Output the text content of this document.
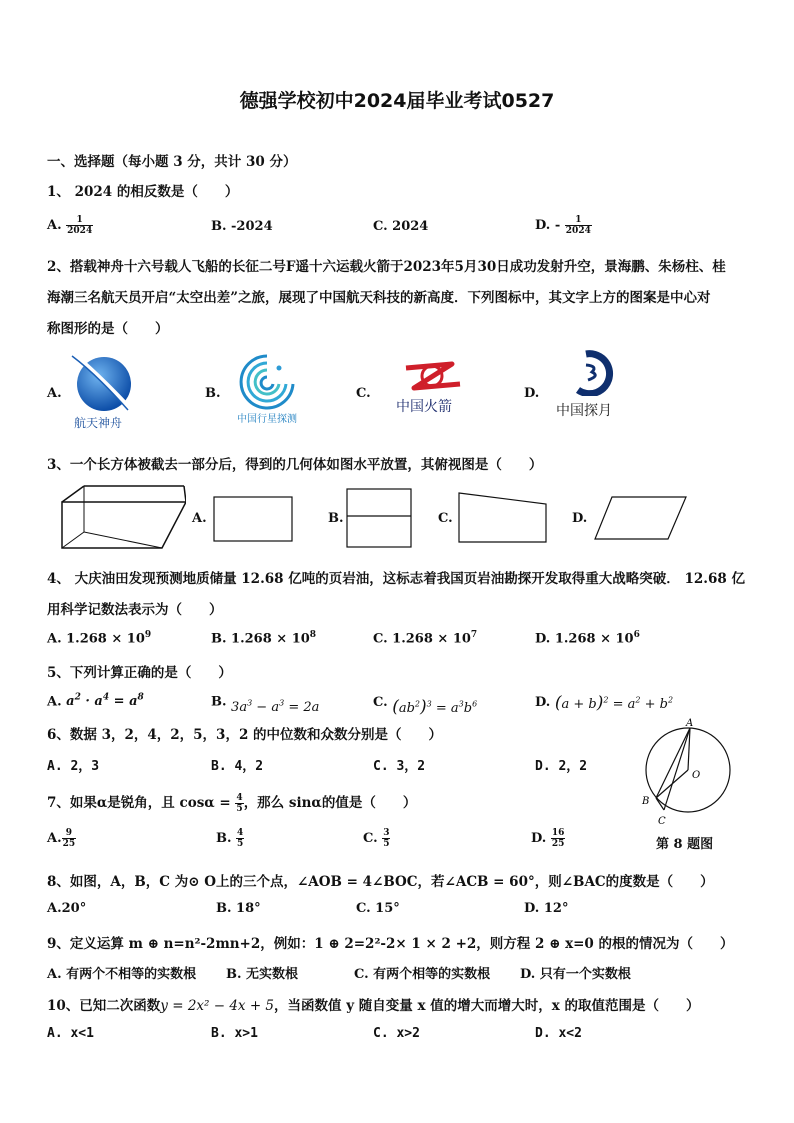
德强学校初中2024届毕业考试0527
一、选择题（每小题 3 分，共计 30 分）
1、 2024 的相反数是（　　）
A. $\frac{1}{2024}$	B. -2024	C. 2024	D. - $\frac{1}{2024}$
2、搭载神舟十六号载人飞船的长征二号F遥十六运载火箭于2023年5月30日成功发射升空，景海鹏、朱杨柱、桂
海潮三名航天员开启“太空出差”之旅，展现了中国航天科技的新高度．下列图标中，其文字上方的图案是中心对
称图形的是（　　）
A.
航天神舟
B.
中国行星探测
C.
中国火箭
D.
中国探月
3、一个长方体被截去一部分后，得到的几何体如图水平放置，其俯视图是（　　）
A.	B.	C.	D.
4、 大庆油田发现预测地质储量 12.68 亿吨的页岩油，这标志着我国页岩油勘探开发取得重大战略突破． 12.68 亿
用科学记数法表示为（　　）
A. $1.268 \times 10^9$	B. $1.268 \times 10^8$	C. $1.268 \times 10^7$	D. $1.268 \times 10^6$
5、下列计算正确的是（　　）
A. $a^2 \cdot a^4 = a^8$	B. $3a^3 - a^3 = 2a$	C. $(ab^2)^3 = a^3b^6$	D. $(a + b)^2 = a^2 + b^2$
6、数据 3，2，4，2，5，3，2 的中位数和众数分别是（　　）
A. 2，3	B. 4，2	C. 3，2	D. 2，2
A
O
B
C
7、如果α是锐角，且 $\cos\alpha = \frac{4}{5}$ ，那么 sinα的值是（　　）
A. $\frac{9}{25}$	B. $\frac{4}{5}$	C. $\frac{3}{5}$	D. $\frac{16}{25}$	第 8 题图
8、如图，A，B，C 为⊙ O上的三个点，∠AOB = 4∠BOC，若∠ACB = 60°，则∠BAC的度数是（　　）
A.20°	B. 18°	C. 15°	D. 12°
9、定义运算 m ⊕ n=n²-2mn+2，例如：1 ⊕ 2=2²-2× 1 × 2 +2，则方程 2 ⊕ x=0 的根的情况为（　　）
A. 有两个不相等的实数根 B. 无实数根	C. 有两个相等的实数根 D. 只有一个实数根
10、已知二次函数y = 2x² − 4x + 5，当函数值 y 随自变量 x 值的增大而增大时，x 的取值范围是（　　）
A. x<1	B. x>1	C. x>2	D. x<2
